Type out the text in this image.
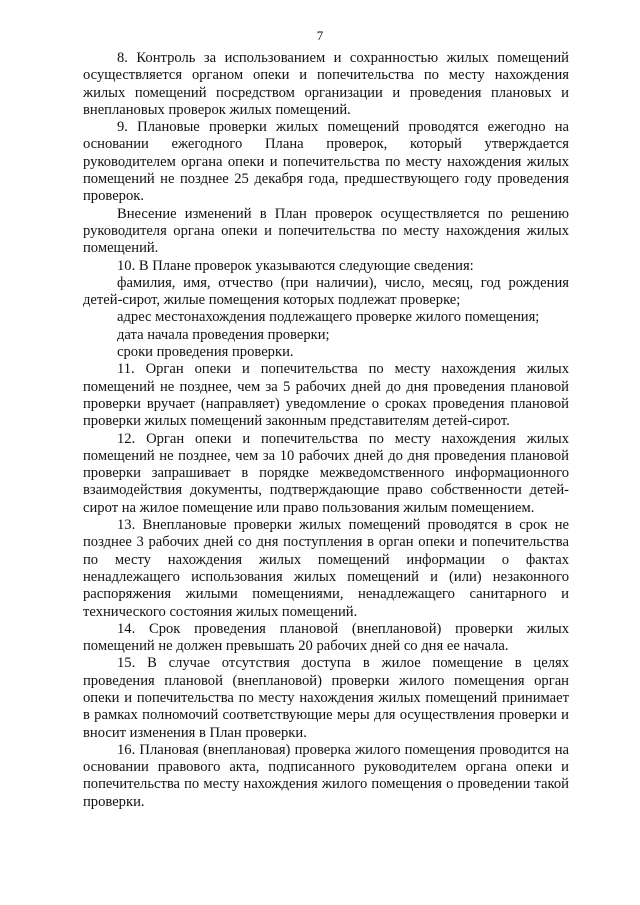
7

8. Контроль за использованием и сохранностью жилых помещений осуществляется органом опеки и попечительства по месту нахождения жилых помещений посредством организации и проведения плановых и внеплановых проверок жилых помещений.

9. Плановые проверки жилых помещений проводятся ежегодно на основании ежегодного Плана проверок, который утверждается руководителем органа опеки и попечительства по месту нахождения жилых помещений не позднее 25 декабря года, предшествующего году проведения проверок.

Внесение изменений в План проверок осуществляется по решению руководителя органа опеки и попечительства по месту нахождения жилых помещений.

10. В Плане проверок указываются следующие сведения:

фамилия, имя, отчество (при наличии), число, месяц, год рождения детей-сирот, жилые помещения которых подлежат проверке;

адрес местонахождения подлежащего проверке жилого помещения;

дата начала проведения проверки;

сроки проведения проверки.

11. Орган опеки и попечительства по месту нахождения жилых помещений не позднее, чем за 5 рабочих дней до дня проведения плановой проверки вручает (направляет) уведомление о сроках проведения плановой проверки жилых помещений законным представителям детей-сирот.

12. Орган опеки и попечительства по месту нахождения жилых помещений не позднее, чем за 10 рабочих дней до дня проведения плановой проверки запрашивает в порядке межведомственного информационного взаимодействия документы, подтверждающие право собственности детей-сирот на жилое помещение или право пользования жилым помещением.

13. Внеплановые проверки жилых помещений проводятся в срок не позднее 3 рабочих дней со дня поступления в орган опеки и попечительства по месту нахождения жилых помещений информации о фактах ненадлежащего использования жилых помещений и (или) незаконного распоряжения жилыми помещениями, ненадлежащего санитарного и технического состояния жилых помещений.

14. Срок проведения плановой (внеплановой) проверки жилых помещений не должен превышать 20 рабочих дней со дня ее начала.

15. В случае отсутствия доступа в жилое помещение в целях проведения плановой (внеплановой) проверки жилого помещения орган опеки и попечительства по месту нахождения жилых помещений принимает в рамках полномочий соответствующие меры для осуществления проверки и вносит изменения в План проверки.

16. Плановая (внеплановая) проверка жилого помещения проводится на основании правового акта, подписанного руководителем органа опеки и попечительства по месту нахождения жилого помещения о проведении такой проверки.
